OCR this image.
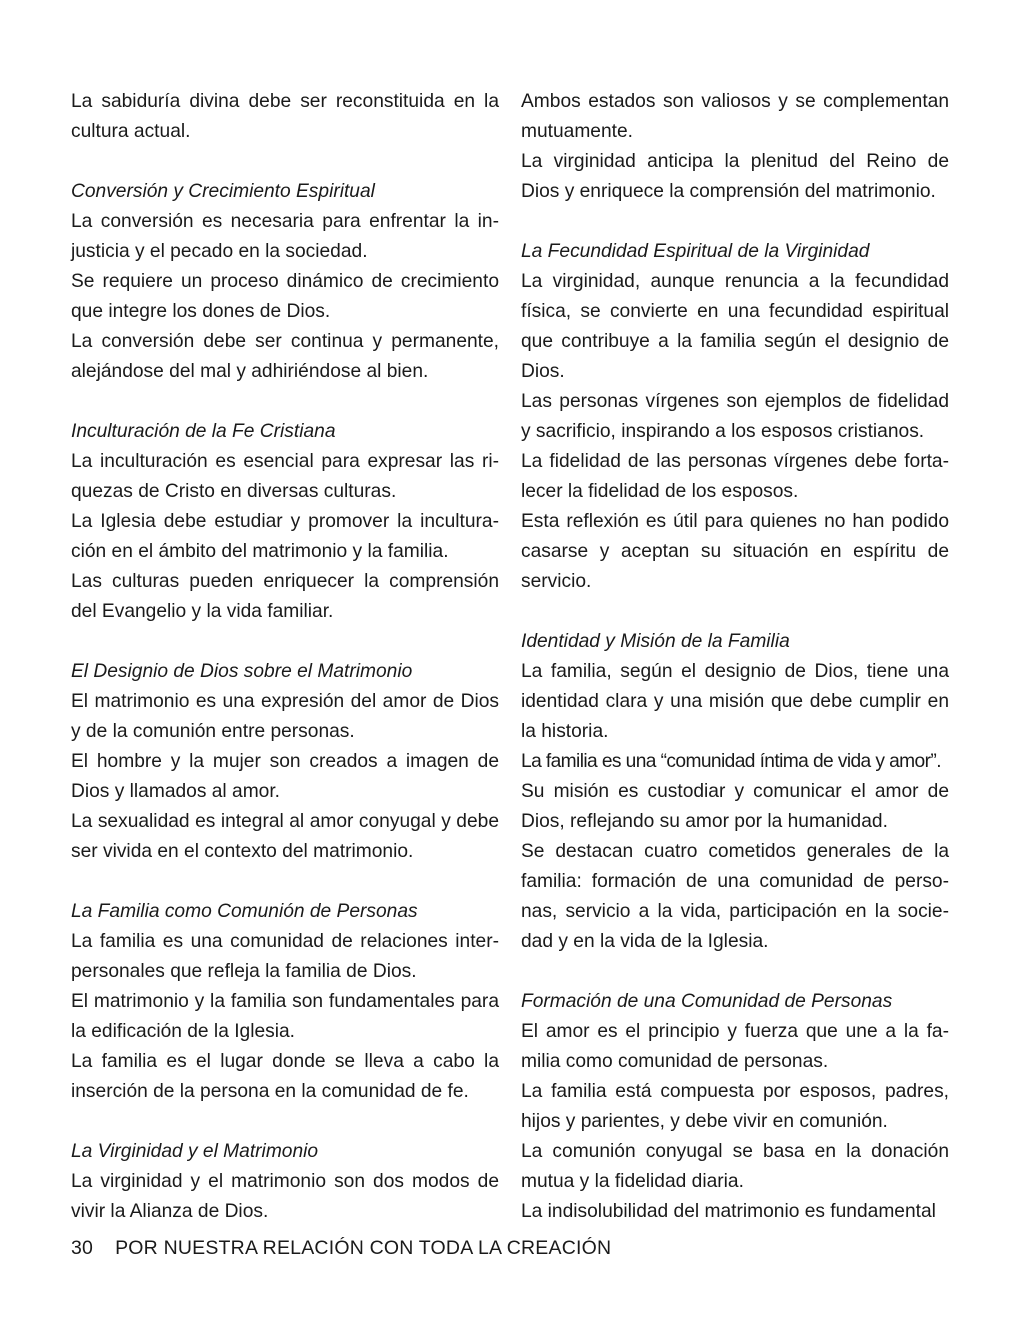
La sabiduría divina debe ser reconstituida en la cultura actual.

Conversión y Crecimiento Espiritual

La conversión es necesaria para enfrentar la injusticia y el pecado en la sociedad.

Se requiere un proceso dinámico de crecimiento que integre los dones de Dios.

La conversión debe ser continua y permanente, alejándose del mal y adhiriéndose al bien.

Inculturación de la Fe Cristiana

La inculturación es esencial para expresar las riquezas de Cristo en diversas culturas.

La Iglesia debe estudiar y promover la inculturación en el ámbito del matrimonio y la familia.

Las culturas pueden enriquecer la comprensión del Evangelio y la vida familiar.

El Designio de Dios sobre el Matrimonio

El matrimonio es una expresión del amor de Dios y de la comunión entre personas.

El hombre y la mujer son creados a imagen de Dios y llamados al amor.

La sexualidad es integral al amor conyugal y debe ser vivida en el contexto del matrimonio.

La Familia como Comunión de Personas

La familia es una comunidad de relaciones interpersonales que refleja la familia de Dios.

El matrimonio y la familia son fundamentales para la edificación de la Iglesia.

La familia es el lugar donde se lleva a cabo la inserción de la persona en la comunidad de fe.

La Virginidad y el Matrimonio

La virginidad y el matrimonio son dos modos de vivir la Alianza de Dios.

Ambos estados son valiosos y se complementan mutuamente.

La virginidad anticipa la plenitud del Reino de Dios y enriquece la comprensión del matrimonio.

La Fecundidad Espiritual de la Virginidad

La virginidad, aunque renuncia a la fecundidad física, se convierte en una fecundidad espiritual que contribuye a la familia según el designio de Dios.

Las personas vírgenes son ejemplos de fidelidad y sacrificio, inspirando a los esposos cristianos.

La fidelidad de las personas vírgenes debe fortalecer la fidelidad de los esposos.

Esta reflexión es útil para quienes no han podido casarse y aceptan su situación en espíritu de servicio.

Identidad y Misión de la Familia

La familia, según el designio de Dios, tiene una identidad clara y una misión que debe cumplir en la historia.

La familia es una “comunidad íntima de vida y amor”.

Su misión es custodiar y comunicar el amor de Dios, reflejando su amor por la humanidad.

Se destacan cuatro cometidos generales de la familia: formación de una comunidad de personas, servicio a la vida, participación en la sociedad y en la vida de la Iglesia.

Formación de una Comunidad de Personas

El amor es el principio y fuerza que une a la familia como comunidad de personas.

La familia está compuesta por esposos, padres, hijos y parientes, y debe vivir en comunión.

La comunión conyugal se basa en la donación mutua y la fidelidad diaria.

La indisolubilidad del matrimonio es fundamental

30 POR NUESTRA RELACIÓN CON TODA LA CREACIÓN
